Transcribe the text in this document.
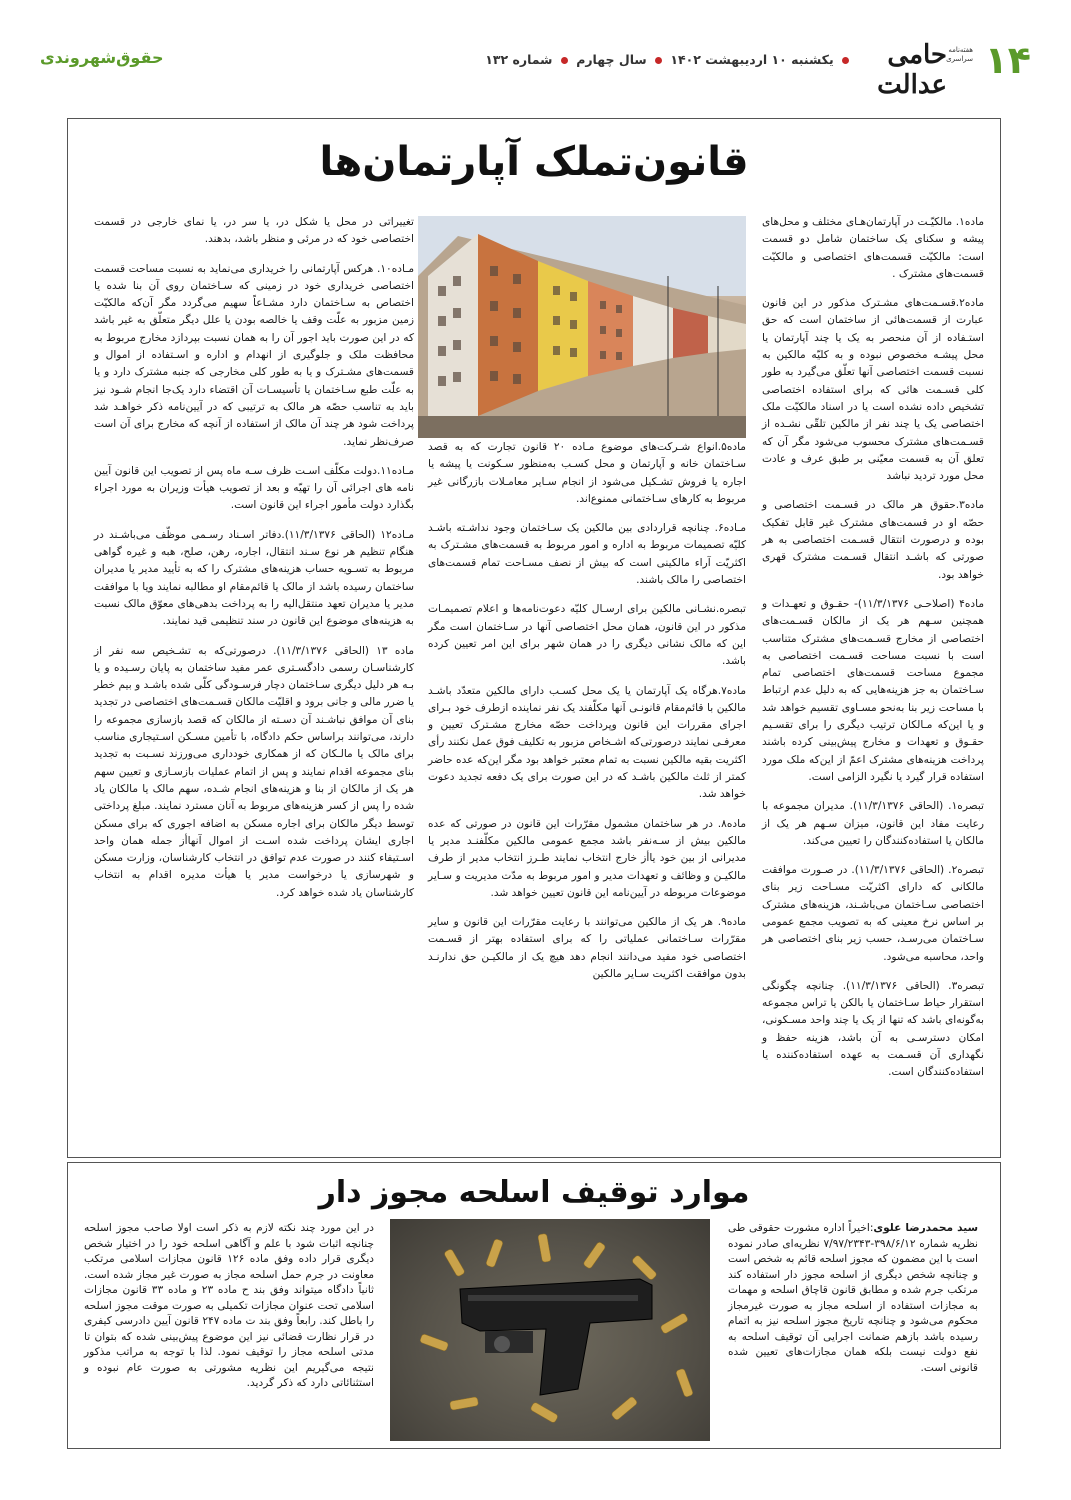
۱۴
حامی عدالت
هفته‌نامه سراسری
یکشنبه ۱۰ اردیبهشت ۱۴۰۲  سال چهارم  شماره ۱۳۲
حقوق‌شهروندی
قانون‌تملک آپارتمان‌ها

ماده۱. مالکیّـت در آپارتمان‌هـای مختلف و محل‌های پیشه و سکنای یک ساختمان شامل دو قسمت است: مالکیّت قسمت‌های اختصاصی و مالکیّت قسمت‌های مشترک .

ماده۲.قسـمت‌های مشـترک مذکور در این قانون عبارت از قسمت‌هائی از ساختمان است که حق استـفاده از آن منحصر به یک یا چند آپارتمان یا محل پیشـه مخصوص نبوده و به کلیّه مالکین به نسبت قسمت اختصاصی آنها تعلّق می‌گیرد به طور کلی قسـمت هائی که برای استفاده اختصاصی تشخیص داده نشده است یا در اسناد مالکیّت ملک اختصاصی یک یا چند نفر از مالکین تلقّی نشـده از قسـمت‌های مشترک محسوب می‌شود مگر آن که تعلق آن به قسمت معیّنی بر طبق عرف و عادت محل مورد تردید نباشد

ماده۳.حقوق هر مالک در قسـمت اختصاصی و حصّه او در قسمت‌های مشترک غیر قابل تفکیک بوده و درصورت انتقال قسـمت اختصاصی به هر صورتی که باشـد انتقال قسـمت مشترک قهری خواهد بود.

ماده۴ (اصلاحـی ۱۱/۳/۱۳۷۶)- حقـوق و تعهـدات و همچنین سـهم هر یک از مالکان قسـمت‌های اختصاصی از مخارج قسـمت‌های مشترک متناسب است با نسبت مساحت قسـمت اختصاصی به مجموع مساحت قسمت‌های اختصاصی تمام سـاختمان به جز هزینه‌هایی که به دلیل عدم ارتباط با مساحت زیر بنا به‌نحو مسـاوی تقسیم خواهد شد و یا این‌که مـالکان ترتیب دیگری را برای تقسـیم حقـوق و تعهدات و مخارج پیش‌بینی کرده باشند پرداخت هزینه‌های مشترک اعمّ از این‌که ملک مورد استفاده قرار گیرد یا نگیرد الزامی است.

تبصره۱. (الحاقی ۱۱/۳/۱۳۷۶). مدیران مجموعه با رعایت مفاد این قانون، میزان سـهم هر یک از مالکان یا استفاده‌کنندگان را تعیین می‌کند.

تبصره۲. (الحاقی ۱۱/۳/۱۳۷۶). در صـورت موافقت مالکانی که دارای اکثریّت مسـاحت زیر بنای اختصاصی سـاختمان می‌باشـند، هزینه‌های مشترک بر اساس نرخ معینی که به تصویب مجمع عمومی سـاختمان می‌رسـد، حسب زیر بنای اختصاصی هر واحد، محاسبه می‌شود.

تبصره۳. (الحاقی ۱۱/۳/۱۳۷۶). چنانچه چگونگی استقرار حیاط سـاختمان یا بالکن یا تراس مجموعه به‌گونه‌ای باشد که تنها از یک یا چند واحد مسـکونی، امکان دسترسـی به آن باشد، هزینه حفظ و نگهداری آن قسـمت به عهده استفاده‌کننده یا استفاده‌کنندگان است.

ماده۵.انواع شـرکت‌های موضوع مـاده ۲۰ قانون تجارت که به قصد سـاختمان خانه و آپارتمان و محل کسـب به‌منظور سـکونت یا پیشه یا اجاره یا فروش تشـکیل می‌شود از انجام سـایر معامـلات بازرگانی غیر مربوط به کارهای سـاختمانی ممنوع‌اند.

مـاده۶. چنانچه قراردادی بین مالکین یک سـاختمان وجود نداشـته باشـد کلیّه تصمیمات مربوط به اداره و امور مربوط به قسمت‌های مشـترک به اکثریّت آراء مالکینی است که بیش از نصف مسـاحت تمام قسمت‌های اختصاصی را مالک باشند.

تبصره.نشـانی مالکین برای ارسـال کلیّه دعوت‌نامه‌ها و اعلام تصمیمـات مذکور در این قانون، همان محل اختصاصی آنها در سـاختمان است مگر این که مالک نشانی دیگری را در همان شهر برای این امر تعیین کرده باشد.

ماده۷.هرگاه یک آپارتمان یا یک محل کسـب دارای مالکین متعدّد باشـد مالکین با قائم‌مقام قانونـی آنها مکلّفند یک نفر نماینده ازطرف خود بـرای اجرای مقررات این قانون وپرداخت حصّه مخارج مشـترک تعیین و معرفـی نمایند درصورتی‌که اشـخاص مزبور به تکلیف فوق عمل نکنند رأی اکثریت بقیه مالکین نسبت به تمام معتبر خواهد بود مگر این‌که عده حاضر کمتر از ثلث مالکین باشـد که در این صورت برای یک دفعه تجدید دعوت خواهد شد.

ماده۸. در هر ساختمان مشمول مقرّرات این قانون در صورتی که عده مالکین بیش از سـه‌نفر باشد مجمع عمومی مالکین مکلّفنـد مدیر یا مدیرانی از بین خود یاأز خارج انتخاب نمایند طـرز انتخاب مدیر از طرف مالکیـن و وظائف و تعهدات مدیر و امور مربوط به مدّت مدیریت و سـایر موضوعات مربوطه در آیین‌نامه این قانون تعیین خواهد شد.

ماده۹. هر یک از مالکین می‌توانند با رعایت مقرّرات این قانون و سایر مقرّرات سـاختمانی عملیاتی را که برای استفاده بهتر از قسـمت اختصاصی خود مفید می‌دانند انجام دهد هیچ یک از مالکیـن حق ندارنـد بدون موافقت اکثریت سـایر مالکین

تغییراتی در محل یا شکل در، یا سر در، یا نمای خارجی در قسمت اختصاصی خود که در مرئی و منظر باشد، بدهند.

مـاده۱۰. هرکس آپارتمانی را خریداری می‌نماید به نسبت مساحت قسمت اختصاصی خریداری خود در زمینی که سـاختمان روی آن بنا شده یا اختصاص به سـاختمان دارد مشـاعاً سهیم می‌گردد مگر آن‌که مالکیّت زمین مزبور به علّت وقف یا خالصه بودن یا علل دیگر متعلّق به غیر باشد که در این صورت باید اجور آن را به همان نسبت بپردازد مخارج مربوط به محافظت ملک و جلوگیری از انهدام و اداره و اسـتفاده از اموال و قسمت‌های مشـترک و یا به طور کلی مخارجی که جنبه مشترک دارد و یا به علّت طبع سـاختمان یا تأسیسـات آن اقتضاء دارد یک‌جا انجام شـود نیز باید به تناسب حصّه هر مالک به ترتیبی که در آیین‌نامه ذکر خواهـد شد پرداخت شود هر چند آن مالک از استفاده از آنچه که مخارج برای آن است صرف‌نظر نماید.

مـاده۱۱.دولت مکلّف اسـت ظرف سـه ماه پس از تصویب این قانون آیین نامه های اجرائی آن را تهیّه و بعد از تصویب هیأت وزیران به مورد اجراء بگذارد دولت مأمور اجراء این قانون است.

مـاده۱۲ (الحاقی ۱۱/۳/۱۳۷۶).دفاتر اسـناد رسـمی موظّف می‌باشـند در هنگام تنظیم هر نوع سـند انتقال، اجاره، رهن، صلح، هبه و غیره گواهی مربوط به تسـویه حساب هزینه‌های مشترک را که به تأیید مدیر یا مدیران ساختمان رسیده باشد از مالک یا قائم‌مقام او مطالبه نمایند ویا با موافقت مدیر یا مدیران تعهد منتقل‌الیه را به پرداخت بدهی‌های معوّق مالک نسبت به هزینه‌های موضوع این قانون در سند تنظیمی قید نمایند.

ماده ۱۳ (الحاقی ۱۱/۳/۱۳۷۶). درصورتی‌که به تشـخیص سه نفر از کارشناسـان رسمی دادگسـتری عمر مفید ساختمان به پایان رسـیده و یا بـه هر دلیل دیگری سـاختمان دچار فرسـودگی کلّی شده باشـد و بیم خطر یا ضرر مالی و جانی برود و اقلیّت مالکان قسـمت‌های اختصاصی در تجدید بنای آن موافق نباشـند آن دسـته از مالکان که قصد بازسازی مجموعه را دارند، می‌توانند براساس حکم دادگاه، با تأمین مسـکن اسـتیجاری مناسب برای مالک یا مالـکان که از همکاری خودداری می‌ورزند نسـبت به تجدید بنای مجموعه اقدام نمایند و پس از اتمام عملیات بازسـازی و تعیین سهم هر یک از مالکان از بنا و هزینه‌های انجام شـده، سهم مالک یا مالکان یاد شده را پس از کسر هزینه‌های مربوط به آنان مسترد نمایند. مبلغ پرداختی توسط دیگر مالکان برای اجاره مسکن به اضافه اجوری که برای مسکن اجاری ایشان پرداخت شده اسـت از اموال آنهاأز جمله همان واحد اسـتیفاء کنند در صورت عدم توافق در انتخاب کارشناسان، وزارت مسکن و شهرسازی یا درخواست مدیر یا هیأت مدیره اقدام به انتخاب کارشناسان یاد شده خواهد کرد.

موارد توقیف اسلحه مجوز دار
سید محمدرضا علوی:اخیراً اداره مشورت حقوقی طی نظریه شماره ۳۹۸/۶/۱۲-۷/۹۷/۲۳۴۳ نظریه‌ای صادر نموده است با این مضمون که مجوز اسلحه قائم به شخص است و چنانچه شخص دیگری از اسلحه مجوز دار استفاده کند مرتکب جرم شده و مطابق قانون قاچاق اسلحه و مهمات به مجازات استفاده از اسلحه مجاز به صورت غیرمجاز محکوم می‌شود و چنانچه تاریخ مجوز اسلحه نیز به اتمام رسیده باشد بازهم ضمانت اجرایی آن توقیف اسلحه به نفع دولت نیست بلکه همان مجازات‌های تعیین شده قانونی است.
در این مورد چند نکته لازم به ذکر است اولا صاحب مجوز اسلحه چنانچه اثبات شود با علم و آگاهی اسلحه خود را در اختیار شخص دیگری قرار داده وفق ماده ۱۲۶ قانون مجازات اسلامی مرتکب معاونت در جرم حمل اسلحه مجاز به صورت غیر مجاز شده است. ثانیاً دادگاه میتواند وفق بند ح ماده ۲۳ و ماده ۳۳ قانون مجازات اسلامی تحت عنوان مجازات تکمیلی به صورت موقت مجوز اسلحه را باطل کند. رابعاً وفق بند ت ماده ۲۴۷ قانون آیین دادرسی کیفری در قرار نظارت قضائی نیز این موضوع پیش‌بینی شده که بتوان تا مدتی اسلحه مجاز را توقیف نمود. لذا با توجه به مراتب مذکور نتیجه می‌گیریم این نظریه مشورتی به صورت عام نبوده و استثنائاتی دارد که ذکر گردید.
